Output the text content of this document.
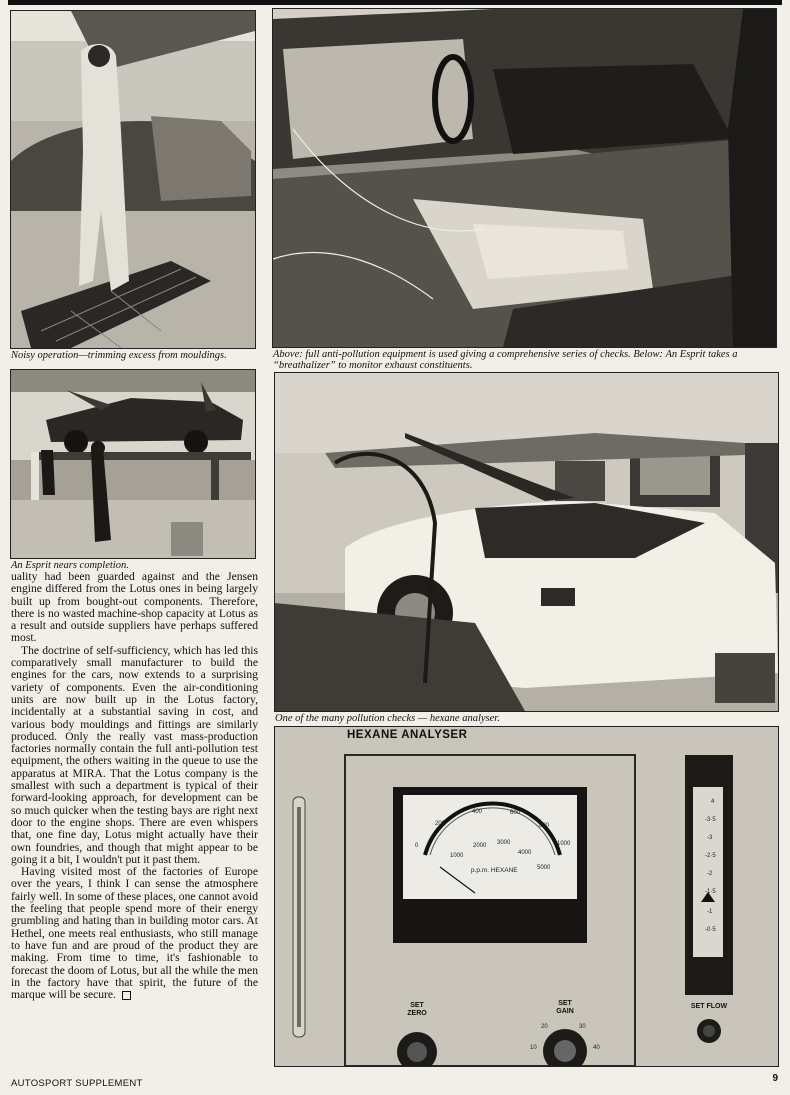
Noisy operation—trimming excess from mouldings.	Above: full anti-pollution equipment is used giving a comprehensive series of checks. Below: An Esprit takes a “breathalizer” to monitor exhaust constituents.
An Esprit nears completion.
One of the many pollution checks — hexane analyser.
HEXANE ANALYSER
0
200
400	600
800
1000
1000
2000 3000
4000
5000
p.p.m. HEXANE
4
-3·5
-3
-2·5
-2
-1·5
-1
-0·5
10
20	30
40
SET
ZERO
SET
GAIN
SET FLOW

uality had been guarded against and the Jensen engine differed from the Lotus ones in being largely built up from bought-out components. Therefore, there is no wasted machine-shop capacity at Lotus as a result and outside suppliers have perhaps suffered most.

The doctrine of self-sufficiency, which has led this comparatively small manufacturer to build the engines for the cars, now extends to a surprising variety of components. Even the air-conditioning units are now built up in the Lotus factory, incidentally at a substantial saving in cost, and various body mouldings and fittings are similarly produced. Only the really vast mass-production factories normally contain the full anti-pollution test equipment, the others waiting in the queue to use the apparatus at MIRA. That the Lotus company is the smallest with such a department is typical of their forward-looking approach, for development can be so much quicker when the testing bays are right next door to the engine shops. There are even whispers that, one fine day, Lotus might actually have their own foundries, and though that might appear to be going it a bit, I wouldn't put it past them.

Having visited most of the factories of Europe over the years, I think I can sense the atmosphere fairly well. In some of these places, one cannot avoid the feeling that people spend more of their energy grumbling and hating than in building motor cars. At Hethel, one meets real enthusiasts, who still manage to have fun and are proud of the product they are making. From time to time, it's fashionable to forecast the doom of Lotus, but all the while the men in the factory have that spirit, the future of the marque will be secure.

AUTOSPORT SUPPLEMENT	9
